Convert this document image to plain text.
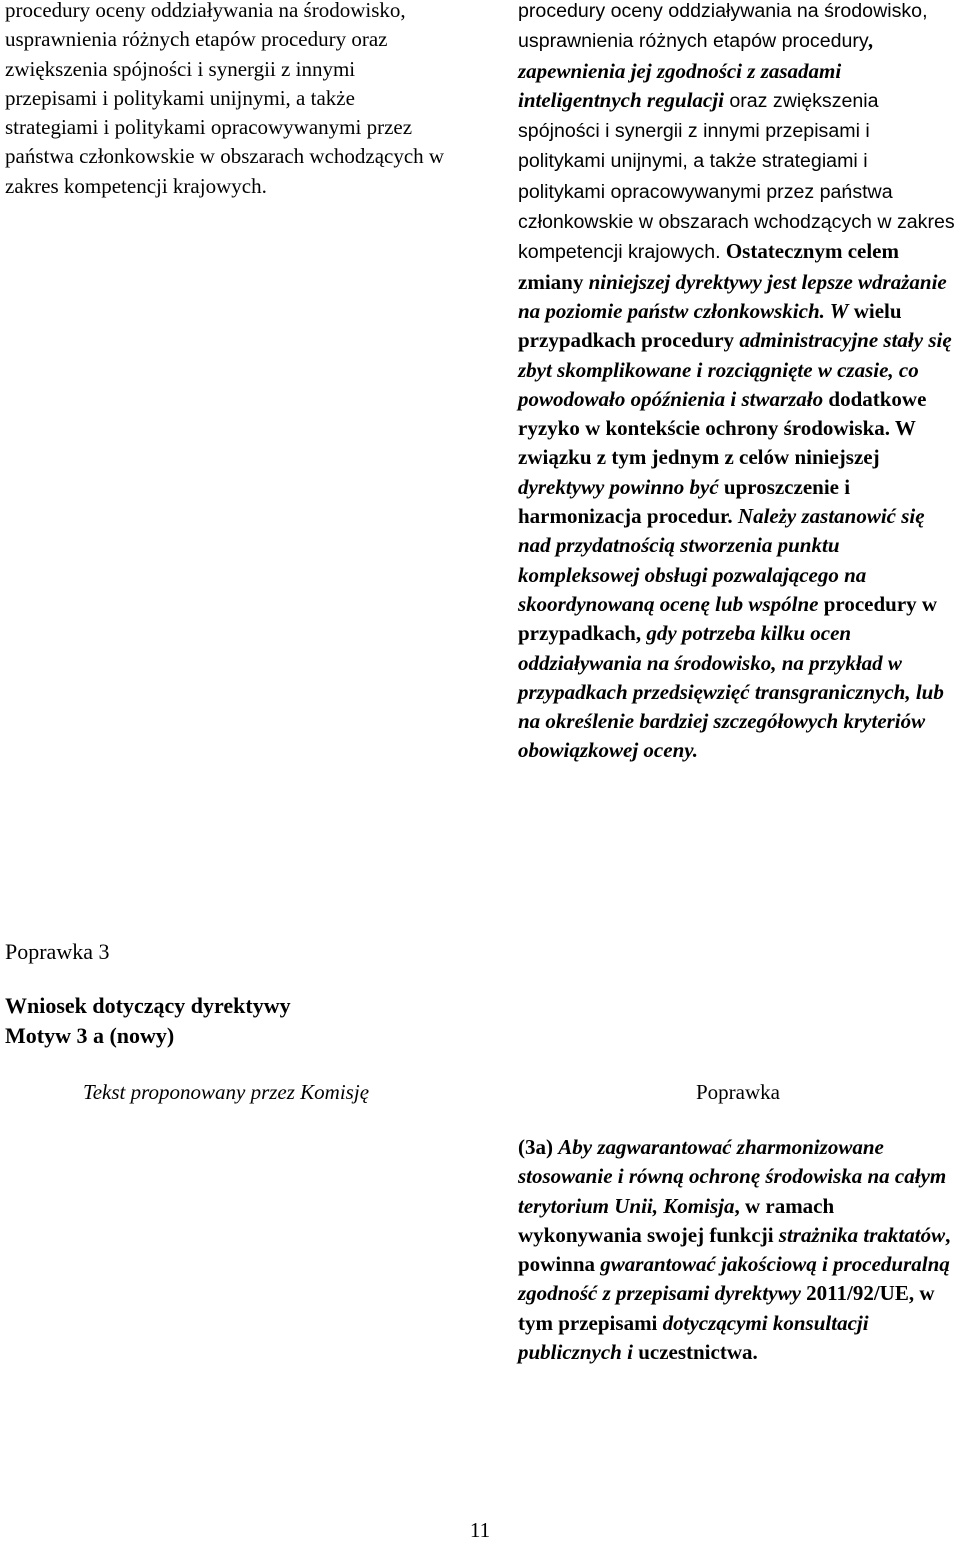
procedury oceny oddziaływania na środowisko, usprawnienia różnych etapów procedury oraz zwiększenia spójności i synergii z innymi przepisami i politykami unijnymi, a także strategiami i politykami opracowywanymi przez państwa członkowskie w obszarach wchodzących w zakres kompetencji krajowych.

procedury oceny oddziaływania na środowisko, usprawnienia różnych etapów procedury, zapewnienia jej zgodności z zasadami inteligentnych regulacji oraz zwiększenia spójności i synergii z innymi przepisami i politykami unijnymi, a także strategiami i politykami opracowywanymi przez państwa członkowskie w obszarach wchodzących w zakres kompetencji krajowych. Ostatecznym celem zmiany niniejszej dyrektywy jest lepsze wdrażanie na poziomie państw członkowskich. W wielu przypadkach procedury administracyjne stały się zbyt skomplikowane i rozciągnięte w czasie, co powodowało opóźnienia i stwarzało dodatkowe ryzyko w kontekście ochrony środowiska. W związku z tym jednym z celów niniejszej dyrektywy powinno być uproszczenie i harmonizacja procedur. Należy zastanowić się nad przydatnością stworzenia punktu kompleksowej obsługi pozwalającego na skoordynowaną ocenę lub wspólne procedury w przypadkach, gdy potrzeba kilku ocen oddziaływania na środowisko, na przykład w przypadkach przedsięwzięć transgranicznych, lub na określenie bardziej szczegółowych kryteriów obowiązkowej oceny.

Poprawka 3

Wniosek dotyczący dyrektywy
Motyw 3 a (nowy)

Tekst proponowany przez Komisję	Poprawka

(3a) Aby zagwarantować zharmonizowane stosowanie i równą ochronę środowiska na całym terytorium Unii, Komisja, w ramach wykonywania swojej funkcji strażnika traktatów, powinna gwarantować jakościową i proceduralną zgodność z przepisami dyrektywy 2011/92/UE, w tym przepisami dotyczącymi konsultacji publicznych i uczestnictwa.

11
